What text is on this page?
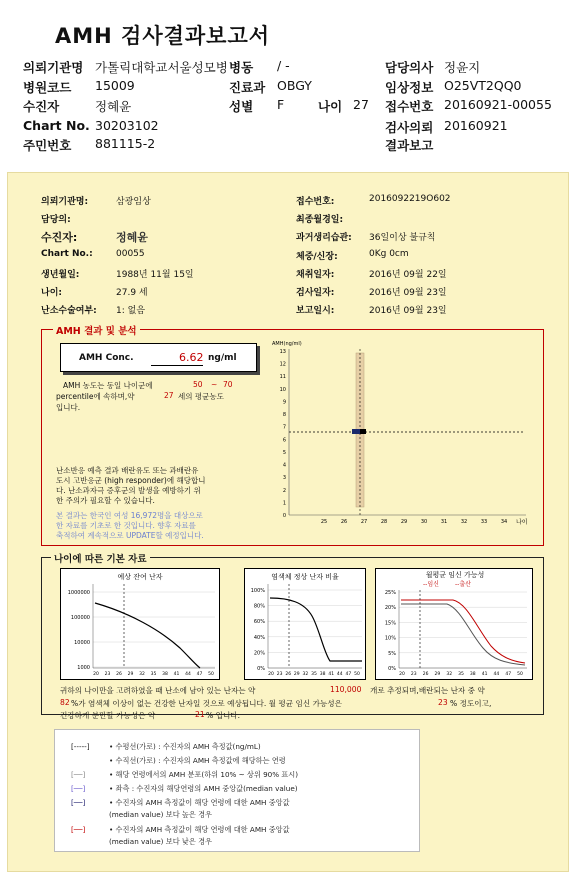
AMH 검사결과보고서
의뢰기관명 가톨릭대학교서울성모병 병동 / -	담당의사 정윤지
병원코드 15009	진료과 OBGY	임상정보 O25VT2QQ0
수진자	정혜윤	성별 F	나이 27 접수번호 20160921-00055
Chart No. 30203102	검사의뢰 20160921
주민번호 881115-2	결과보고
의뢰기관명:	삼광임상
담당의:
수진자:	정혜윤
Chart No.:	00055
생년월일:	1988년 11월 15일
나이:	27.9 세
난소수술여부: 1: 없음
접수번호:	2016092219O602
최종월경일:
과거생리습관: 36일이상 불규칙
체중/신장:	0Kg 0cm
채취일자:	2016년 09월 22일
검사일자:	2016년 09월 23일
보고일시:	2016년 09월 23일
AMH 결과 및 분석
AMH Conc.	6.62 ng/ml
AMH 농도는 동일 나이군에	50 ~ 70
percentile에 속하며,약	27 세의 평균농도
입니다.
난소반응 예측 결과 배란유도 또는 과배란유
도시 고반응군 (high responder)에 해당합니
다. 난소과자극 증후군의 발생을 예방하기 위
한 주의가 필요할 수 있습니다.
본 결과는 한국인 여성 16,972명을 대상으로
한 자료를 기초로 한 것입니다. 향후 자료를
축적하여 계속적으로 UPDATE할 예정입니다.
AMH(ng/ml)
13
12
11
10
9
8
7
6
5
4
3
2
1
0
25	26	27	28	29	30	31	32	33	34 나이
나이에 따른 기본 자료
예상 잔여 난자
1000000
100000
10000
1000
20 23 26 29 32 35 38 41 44 47 50
염색체 정상 난자 비율
100%
80%
60%
40%
20%
0%
20 23 26 29 32 35 38 41 44 47 50
월평균 임신 가능성
--임신	--출산
25%
20%
15%
10%
5%
0%
20 23 26 29 32 35 38 41 44 47 50
귀하의 나이만을 고려하였을 때 난소에 남아 있는 난자는 약	110,000 개로 추정되며,배란되는 난자 중 약
82 %가 염색체 이상이 없는 건강한 난자일 것으로 예상됩니다. 월 평균 임신 가능성은	23 % 정도이고,
건강하게 분만할 가능성은 약	21 % 입니다.
[-----]	• 수평선(가로) : 수진자의 AMH 측정값(ng/mL)
• 수직선(가로) : 수진자의 AMH 측정값에 해당하는 연령
[──]	• 해당 연령에서의 AMH 분포(하위 10% ~ 상위 90% 표시)
[──]	• 좌측 : 수진자의 해당연령의 AMH 중앙값(median value)
[──]	• 수진자의 AMH 측정값이 해당 연령에 대한 AMH 중앙값
(median value) 보다 높은 경우
[──]	• 수진자의 AMH 측정값이 해당 연령에 대한 AMH 중앙값
(median value) 보다 낮은 경우
